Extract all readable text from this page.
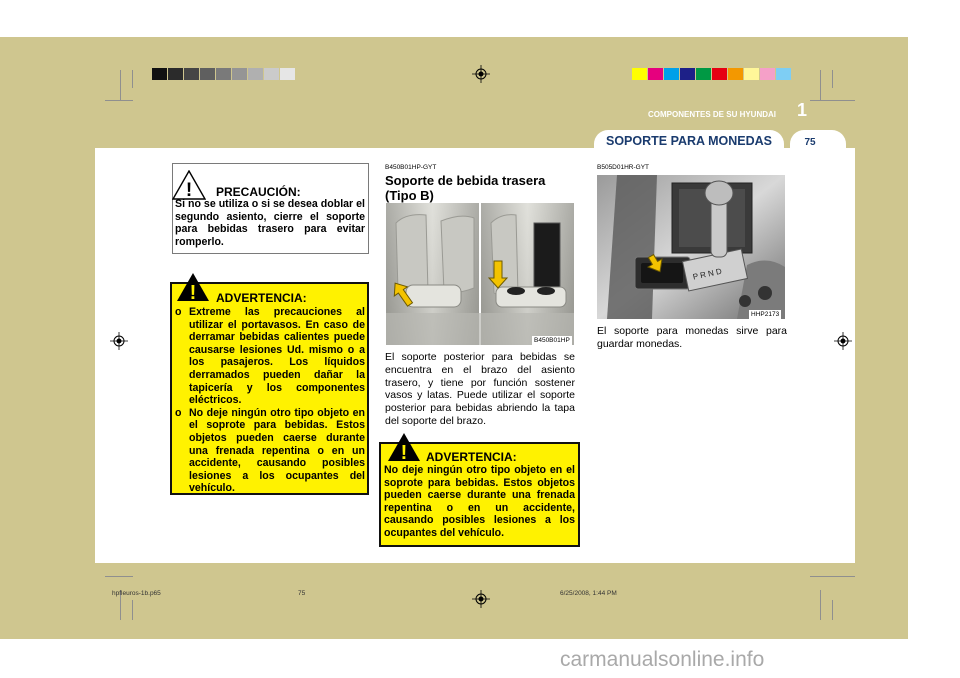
COMPONENTES DE SU HYUNDAI 1
SOPORTE PARA MONEDAS	75
! PRECAUCIÓN:
Si no se utiliza o si se desea doblar el segundo asiento, cierre el soporte para bebidas trasero para evitar romperlo.
! ADVERTENCIA:
o Extreme las precauciones al utilizar el portavasos. En caso de derramar bebidas calientes puede causarse lesiones Ud. mismo o a los pasajeros. Los líquidos derramados pueden dañar la tapicería y los componentes eléctricos.
o No deje ningún otro tipo objeto en el soprote para bebidas. Estos objetos pueden caerse durante una frenada repentina o en un accidente, causando posibles lesiones a los ocupantes del vehículo.
B450B01HP-GYT
Soporte de bebida trasera (Tipo B)
B450B01HP
El soporte posterior para bebidas se encuentra en el brazo del asiento trasero, y tiene por función sostener vasos y latas. Puede utilizar el soporte posterior para bebidas abriendo la tapa del soporte del brazo.
! ADVERTENCIA:
No deje ningún otro tipo objeto en el soprote para bebidas. Estos objetos pueden caerse durante una frenada repentina o en un accidente, causando posibles lesiones a los ocupantes del vehículo.
B505D01HR-GYT
P R N D
HHP2173
El soporte para monedas sirve para guardar monedas.
hpfleuros-1b.p65	75	6/25/2008, 1:44 PM
carmanualsonline.info
